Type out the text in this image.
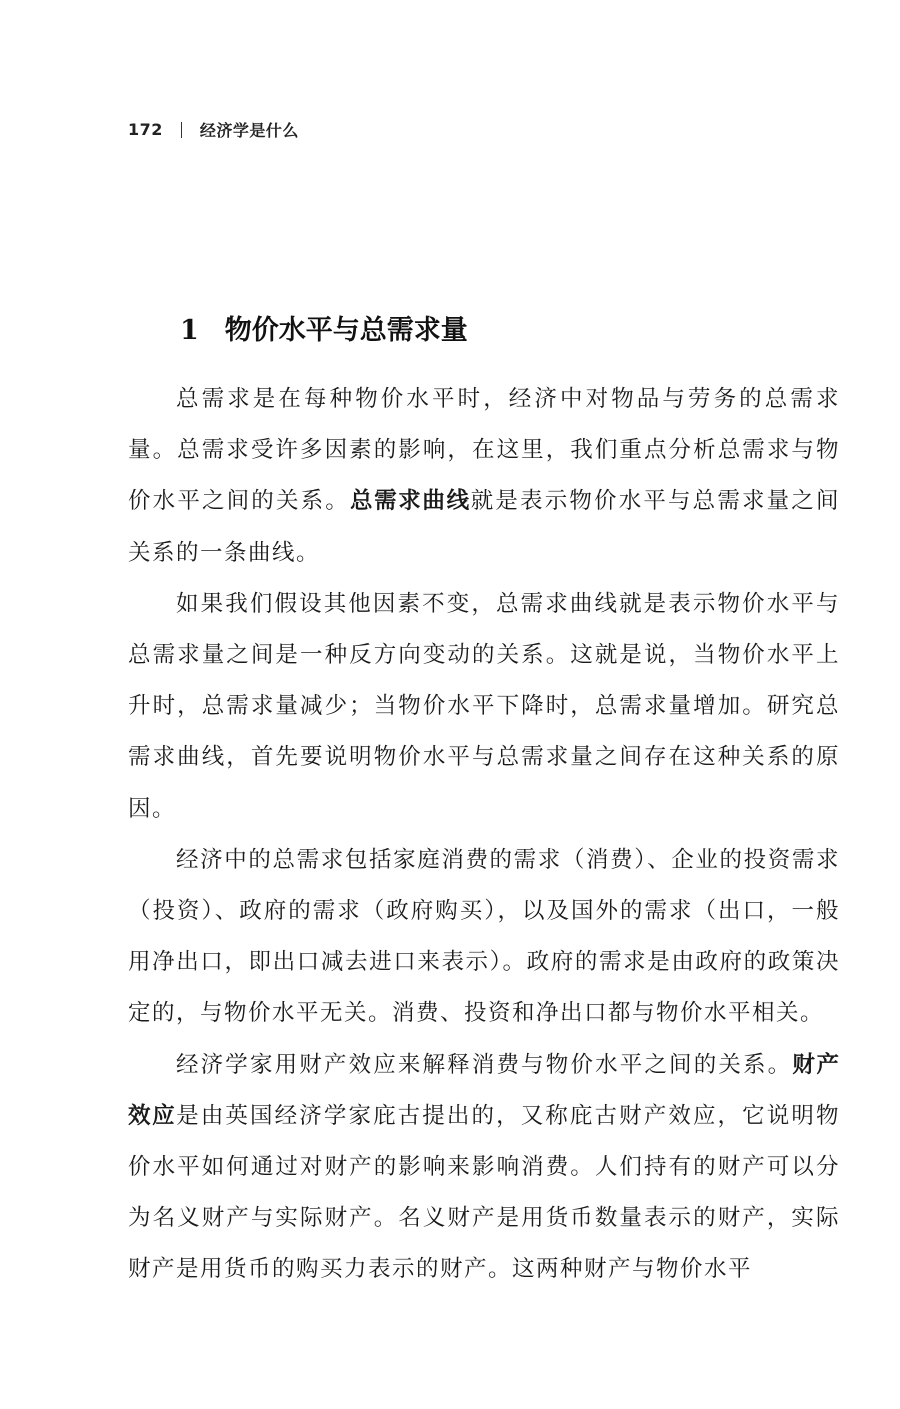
172 经济学是什么
1 物价水平与总需求量

总需求是在每种物价水平时，经济中对物品与劳务的总需求量。总需求受许多因素的影响，在这里，我们重点分析总需求与物价水平之间的关系。总需求曲线就是表示物价水平与总需求量之间关系的一条曲线。

如果我们假设其他因素不变，总需求曲线就是表示物价水平与总需求量之间是一种反方向变动的关系。这就是说，当物价水平上升时，总需求量减少；当物价水平下降时，总需求量增加。研究总需求曲线，首先要说明物价水平与总需求量之间存在这种关系的原因。

经济中的总需求包括家庭消费的需求（消费）、企业的投资需求（投资）、政府的需求（政府购买），以及国外的需求（出口，一般用净出口，即出口减去进口来表示）。政府的需求是由政府的政策决定的，与物价水平无关。消费、投资和净出口都与物价水平相关。

经济学家用财产效应来解释消费与物价水平之间的关系。财产效应是由英国经济学家庇古提出的，又称庇古财产效应，它说明物价水平如何通过对财产的影响来影响消费。人们持有的财产可以分为名义财产与实际财产。名义财产是用货币数量表示的财产，实际财产是用货币的购买力表示的财产。这两种财产与物价水平
